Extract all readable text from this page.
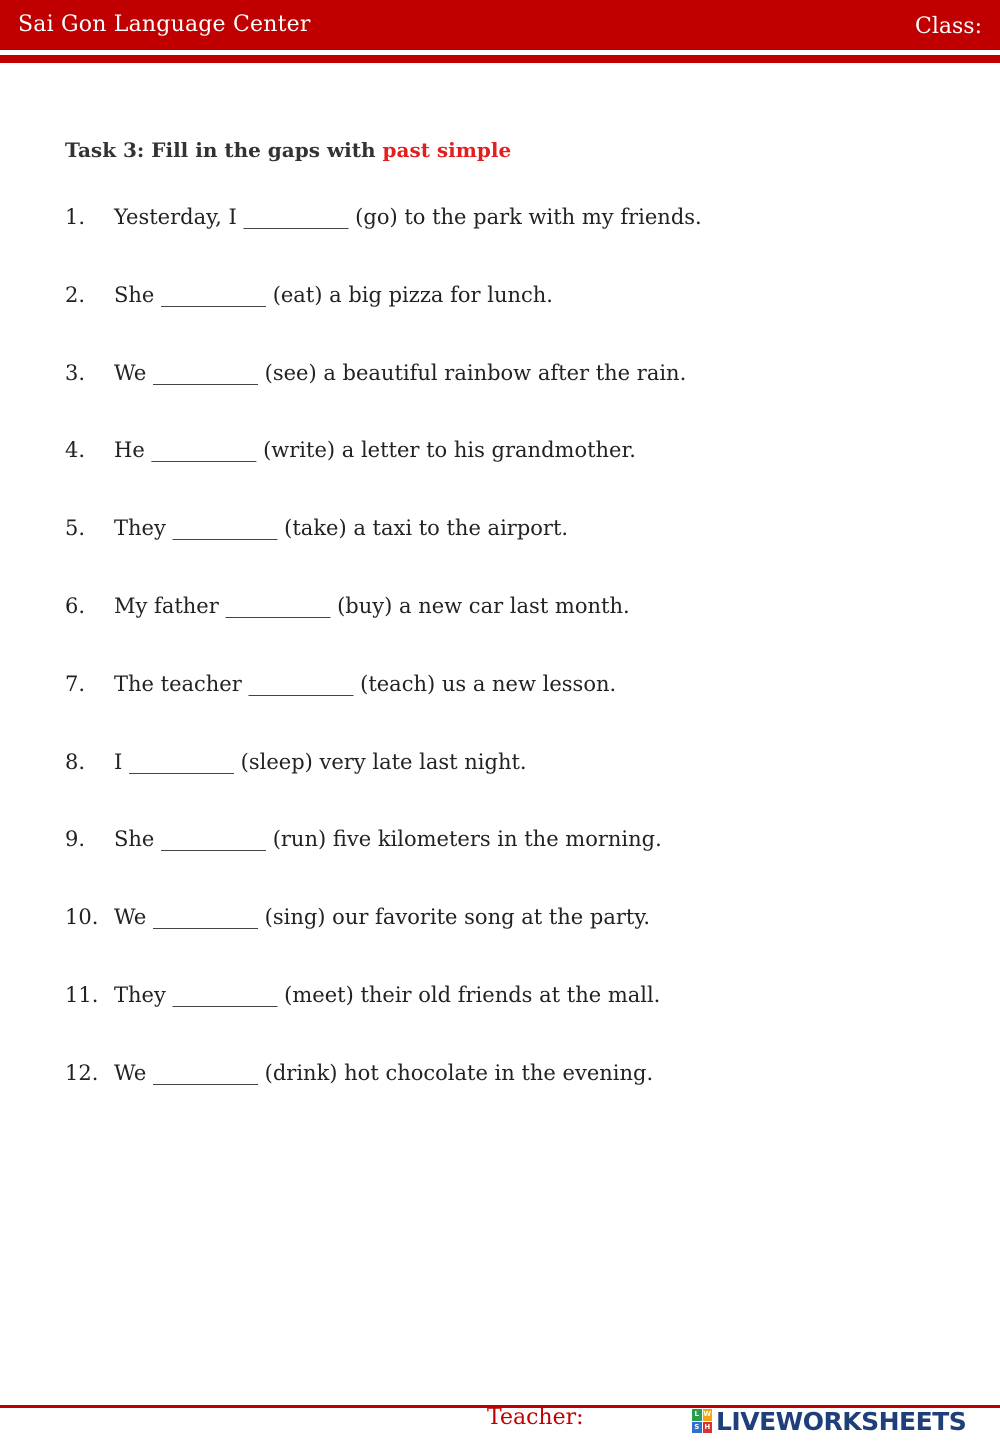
Sai Gon Language Center	Class:
Task 3: Fill in the gaps with past simple
1.	Yesterday, I __________ (go) to the park with my friends.
2.	She __________ (eat) a big pizza for lunch.
3.	We __________ (see) a beautiful rainbow after the rain.
4.	He __________ (write) a letter to his grandmother.
5.	They __________ (take) a taxi to the airport.
6.	My father __________ (buy) a new car last month.
7.	The teacher __________ (teach) us a new lesson.
8.	I __________ (sleep) very late last night.
9.	She __________ (run) five kilometers in the morning.
10. We __________ (sing) our favorite song at the party.
11. They __________ (meet) their old friends at the mall.
12. We __________ (drink) hot chocolate in the evening.
Teacher:	L W
S H LIVEWORKSHEETS
